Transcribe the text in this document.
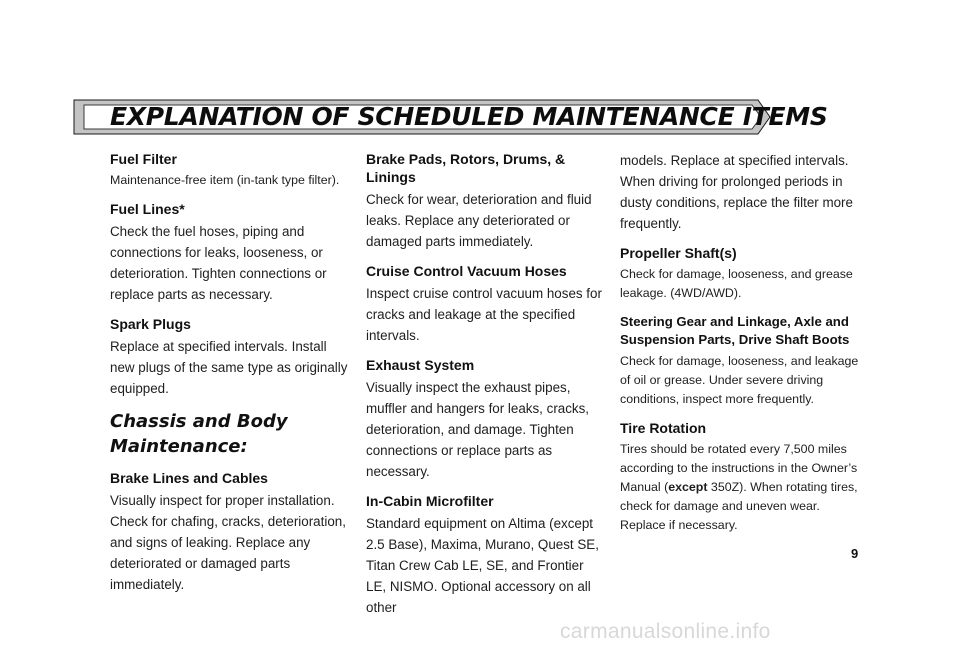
EXPLANATION OF SCHEDULED MAINTENANCE ITEMS
Fuel Filter

Maintenance-free item (in-tank type filter).

Fuel Lines*

Check the fuel hoses, piping and connections for leaks, looseness, or deterioration. Tighten connections or replace parts as necessary.

Spark Plugs

Replace at specified intervals. Install new plugs of the same type as originally equipped.

Chassis and Body Maintenance:
Brake Lines and Cables

Visually inspect for proper installation. Check for chafing, cracks, deterioration, and signs of leaking. Replace any deteriorated or damaged parts immediately.

Brake Pads, Rotors, Drums, & Linings

Check for wear, deterioration and fluid leaks. Replace any deteriorated or damaged parts immediately.

Cruise Control Vacuum Hoses

Inspect cruise control vacuum hoses for cracks and leakage at the specified intervals.

Exhaust System

Visually inspect the exhaust pipes, muffler and hangers for leaks, cracks, deterioration, and damage. Tighten connections or replace parts as necessary.

In-Cabin Microfilter

Standard equipment on Altima (except 2.5 Base), Maxima, Murano, Quest SE, Titan Crew Cab LE, SE, and Frontier LE, NISMO. Optional accessory on all other

models. Replace at specified intervals. When driving for prolonged periods in dusty conditions, replace the filter more frequently.

Propeller Shaft(s)

Check for damage, looseness, and grease leakage. (4WD/AWD).

Steering Gear and Linkage, Axle and Suspension Parts, Drive Shaft Boots

Check for damage, looseness, and leakage of oil or grease. Under severe driving conditions, inspect more frequently.

Tire Rotation

Tires should be rotated every 7,500 miles according to the instructions in the Owner’s Manual (except 350Z). When rotating tires, check for damage and uneven wear. Replace if necessary.

9
carmanualsonline.info
